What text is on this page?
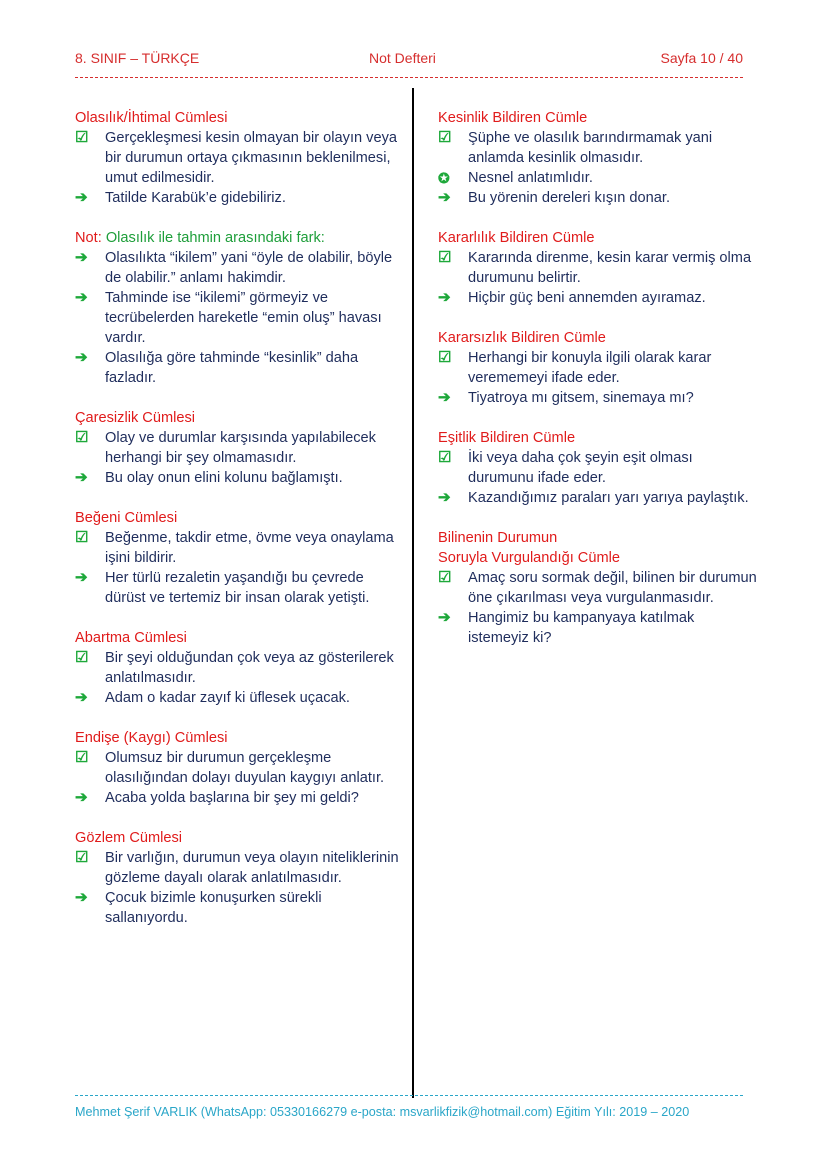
8. SINIF – TÜRKÇE	Not Defteri	Sayfa 10 / 40
Olasılık/İhtimal Cümlesi
☑	Gerçekleşmesi kesin olmayan bir olayın veya bir durumun ortaya çıkmasının beklenilmesi, umut edilmesidir.
➔	Tatilde Karabük’e gidebiliriz.
Not: Olasılık ile tahmin arasındaki fark:
➔	Olasılıkta “ikilem” yani “öyle de olabilir, böyle de olabilir.” anlamı hakimdir.
➔	Tahminde ise “ikilemi” görmeyiz ve tecrübelerden hareketle “emin oluş” havası vardır.
➔	Olasılığa göre tahminde “kesinlik” daha fazladır.
Çaresizlik Cümlesi
☑	Olay ve durumlar karşısında yapılabilecek herhangi bir şey olmamasıdır.
➔	Bu olay onun elini kolunu bağlamıştı.
Beğeni Cümlesi
☑	Beğenme, takdir etme, övme veya onaylama işini bildirir.
➔	Her türlü rezaletin yaşandığı bu çevrede dürüst ve tertemiz bir insan olarak yetişti.
Abartma Cümlesi
☑	Bir şeyi olduğundan çok veya az gösterilerek anlatılmasıdır.
➔	Adam o kadar zayıf ki üflesek uçacak.
Endişe (Kaygı) Cümlesi
☑	Olumsuz bir durumun gerçekleşme olasılığından dolayı duyulan kaygıyı anlatır.
➔	Acaba yolda başlarına bir şey mi geldi?
Gözlem Cümlesi
☑	Bir varlığın, durumun veya olayın niteliklerinin gözleme dayalı olarak anlatılmasıdır.
➔	Çocuk bizimle konuşurken sürekli sallanıyordu.
Kesinlik Bildiren Cümle
☑	Şüphe ve olasılık barındırmamak yani anlamda kesinlik olmasıdır.
✪	Nesnel anlatımlıdır.
➔	Bu yörenin dereleri kışın donar.
Kararlılık Bildiren Cümle
☑	Kararında direnme, kesin karar vermiş olma durumunu belirtir.
➔	Hiçbir güç beni annemden ayıramaz.
Kararsızlık Bildiren Cümle
☑	Herhangi bir konuyla ilgili olarak karar verememeyi ifade eder.
➔	Tiyatroya mı gitsem, sinemaya mı?
Eşitlik Bildiren Cümle
☑	İki veya daha çok şeyin eşit olması durumunu ifade eder.
➔	Kazandığımız paraları yarı yarıya paylaştık.
Bilinenin Durumun
Soruyla Vurgulandığı Cümle
☑	Amaç soru sormak değil, bilinen bir durumun öne çıkarılması veya vurgulanmasıdır.
➔	Hangimiz bu kampanyaya katılmak istemeyiz ki?
Mehmet Şerif VARLIK (WhatsApp: 05330166279 e-posta: msvarlikfizik@hotmail.com) Eğitim Yılı: 2019 – 2020
